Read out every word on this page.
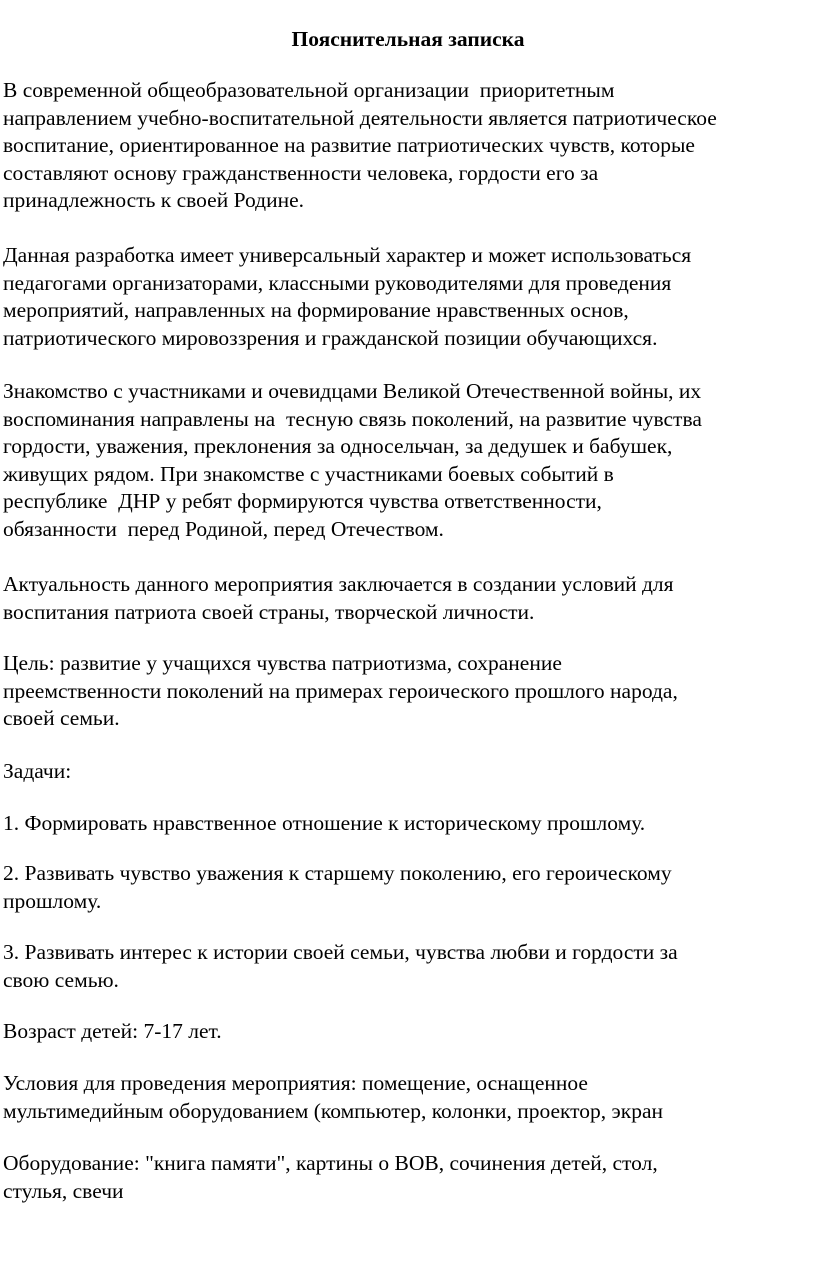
Пояснительная записка
В современной общеобразовательной организации  приоритетным
направлением учебно-воспитательной деятельности является патриотическое
воспитание, ориентированное на развитие патриотических чувств, которые
составляют основу гражданственности человека, гордости его за
принадлежность к своей Родине.
Данная разработка имеет универсальный характер и может использоваться
педагогами организаторами, классными руководителями для проведения
мероприятий, направленных на формирование нравственных основ,
патриотического мировоззрения и гражданской позиции обучающихся.
Знакомство с участниками и очевидцами Великой Отечественной войны, их
воспоминания направлены на  тесную связь поколений, на развитие чувства
гордости, уважения, преклонения за односельчан, за дедушек и бабушек,
живущих рядом. При знакомстве с участниками боевых событий в
республике  ДНР у ребят формируются чувства ответственности,
обязанности  перед Родиной, перед Отечеством.
Актуальность данного мероприятия заключается в создании условий для
воспитания патриота своей страны, творческой личности.
Цель: развитие у учащихся чувства патриотизма, сохранение
преемственности поколений на примерах героического прошлого народа,
своей семьи.
Задачи:
1. Формировать нравственное отношение к историческому прошлому.
2. Развивать чувство уважения к старшему поколению, его героическому
прошлому.
3. Развивать интерес к истории своей семьи, чувства любви и гордости за
свою семью.
Возраст детей: 7-17 лет.
Условия для проведения мероприятия: помещение, оснащенное
мультимедийным оборудованием (компьютер, колонки, проектор, экран
Оборудование: "книга памяти", картины о ВОВ, сочинения детей, стол,
стулья, свечи
